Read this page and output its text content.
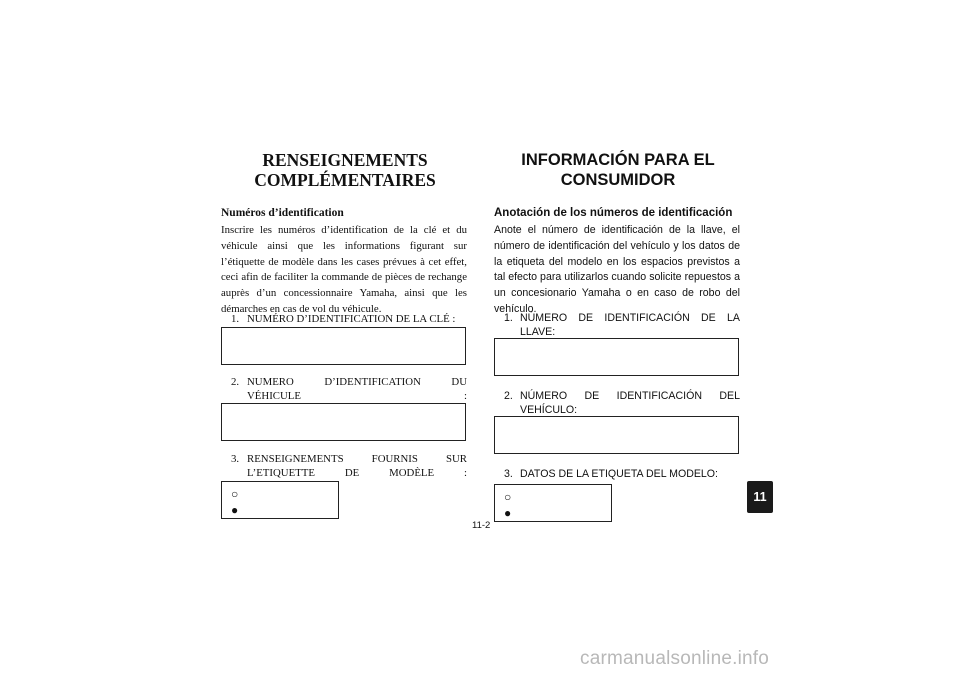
RENSEIGNEMENTS
COMPLÉMENTAIRES

Numéros d’identification

Inscrire les numéros d’identification de la clé et du véhicule ainsi que les informations figurant sur l’étiquette de modèle dans les cases prévues à cet effet, ceci afin de faciliter la commande de pièces de rechange auprès d’un concessionnaire Yamaha, ainsi que les démarches en cas de vol du véhicule.

1. NUMÉRO D’IDENTIFICATION DE LA CLÉ :
2. NUMERO D’IDENTIFICATION DU VÉHICULE :
3. RENSEIGNEMENTS FOURNIS SUR L’ETIQUETTE DE MODÈLE :
○
●
INFORMACIÓN PARA EL
CONSUMIDOR

Anotación de los números de identificación

Anote el número de identificación de la llave, el número de identificación del vehículo y los datos de la etiqueta del modelo en los espacios previstos a tal efecto para utilizarlos cuando solicite repuestos a un concesionario Yamaha o en caso de robo del vehículo.

1. NÚMERO DE IDENTIFICACIÓN DE LA LLAVE:
2. NÚMERO DE IDENTIFICACIÓN DEL VEHÍCULO:
3. DATOS DE LA ETIQUETA DEL MODELO:
○
●
11-2
11
carmanualsonline.info
